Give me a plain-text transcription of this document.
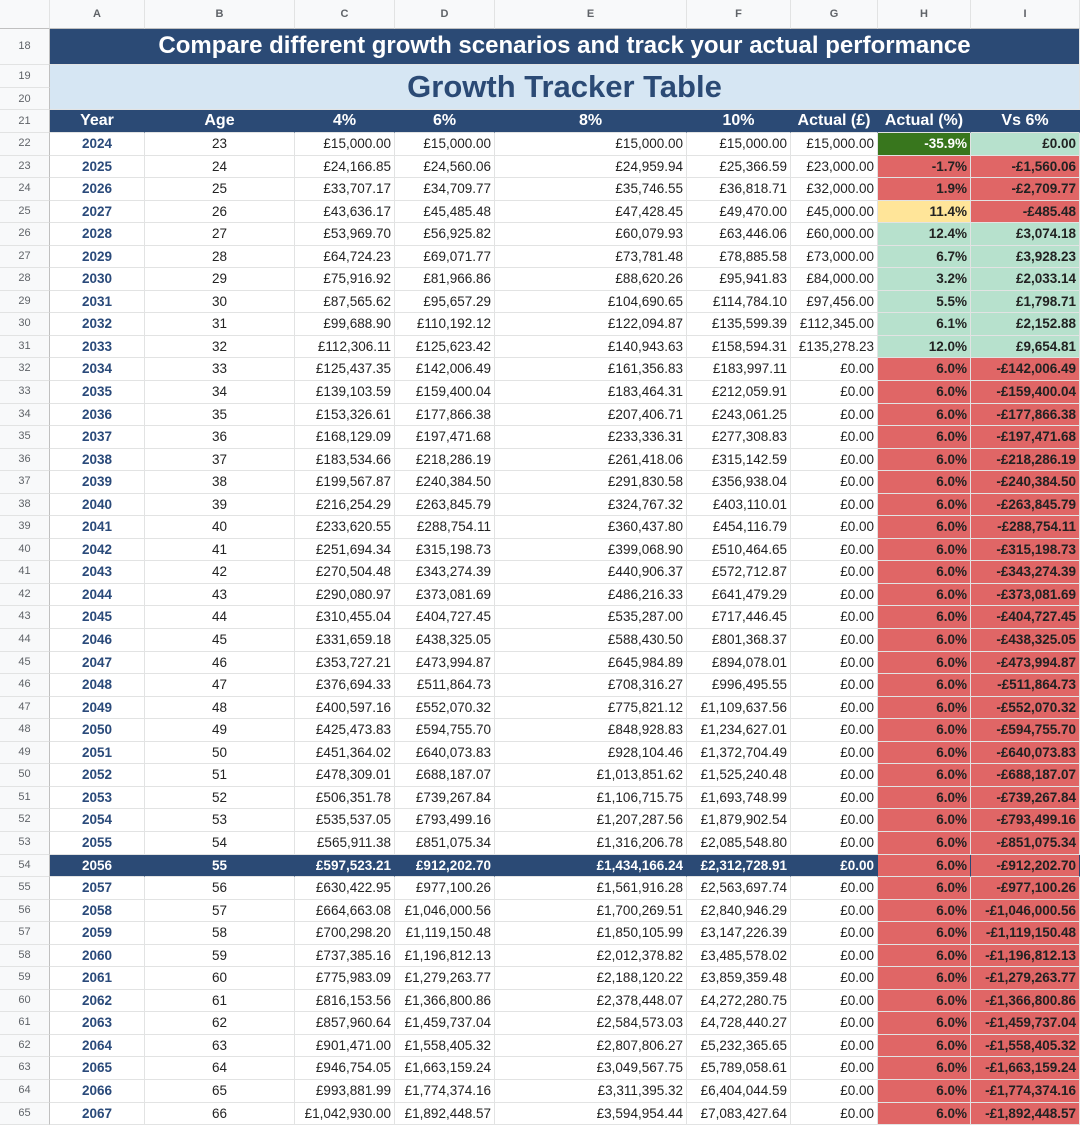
A	B	C	D	E	F	G	H	I
18	Compare different growth scenarios and track your actual performance
19
20	Growth Tracker Table
21	Year	Age	4%	6%	8%	10%	Actual (£) Actual (%)	Vs 6%
22	2024	23	£15,000.00	£15,000.00	£15,000.00	£15,000.00	£15,000.00	-35.9%	£0.00
23	2025	24	£24,166.85	£24,560.06	£24,959.94	£25,366.59	£23,000.00	-1.7%	-£1,560.06
24	2026	25	£33,707.17	£34,709.77	£35,746.55	£36,818.71	£32,000.00	1.9%	-£2,709.77
25	2027	26	£43,636.17	£45,485.48	£47,428.45	£49,470.00	£45,000.00	11.4%	-£485.48
26	2028	27	£53,969.70	£56,925.82	£60,079.93	£63,446.06	£60,000.00	12.4%	£3,074.18
27	2029	28	£64,724.23	£69,071.77	£73,781.48	£78,885.58	£73,000.00	6.7%	£3,928.23
28	2030	29	£75,916.92	£81,966.86	£88,620.26	£95,941.83	£84,000.00	3.2%	£2,033.14
29	2031	30	£87,565.62	£95,657.29	£104,690.65	£114,784.10	£97,456.00	5.5%	£1,798.71
30	2032	31	£99,688.90	£110,192.12	£122,094.87	£135,599.39 £112,345.00	6.1%	£2,152.88
31	2033	32	£112,306.11	£125,623.42	£140,943.63	£158,594.31 £135,278.23	12.0%	£9,654.81
32	2034	33	£125,437.35	£142,006.49	£161,356.83	£183,997.11	£0.00	6.0%	-£142,006.49
33	2035	34	£139,103.59	£159,400.04	£183,464.31	£212,059.91	£0.00	6.0%	-£159,400.04
34	2036	35	£153,326.61	£177,866.38	£207,406.71	£243,061.25	£0.00	6.0%	-£177,866.38
35	2037	36	£168,129.09	£197,471.68	£233,336.31	£277,308.83	£0.00	6.0%	-£197,471.68
36	2038	37	£183,534.66	£218,286.19	£261,418.06	£315,142.59	£0.00	6.0%	-£218,286.19
37	2039	38	£199,567.87	£240,384.50	£291,830.58	£356,938.04	£0.00	6.0%	-£240,384.50
38	2040	39	£216,254.29	£263,845.79	£324,767.32	£403,110.01	£0.00	6.0%	-£263,845.79
39	2041	40	£233,620.55	£288,754.11	£360,437.80	£454,116.79	£0.00	6.0%	-£288,754.11
40	2042	41	£251,694.34	£315,198.73	£399,068.90	£510,464.65	£0.00	6.0%	-£315,198.73
41	2043	42	£270,504.48	£343,274.39	£440,906.37	£572,712.87	£0.00	6.0%	-£343,274.39
42	2044	43	£290,080.97	£373,081.69	£486,216.33	£641,479.29	£0.00	6.0%	-£373,081.69
43	2045	44	£310,455.04	£404,727.45	£535,287.00	£717,446.45	£0.00	6.0%	-£404,727.45
44	2046	45	£331,659.18	£438,325.05	£588,430.50	£801,368.37	£0.00	6.0%	-£438,325.05
45	2047	46	£353,727.21	£473,994.87	£645,984.89	£894,078.01	£0.00	6.0%	-£473,994.87
46	2048	47	£376,694.33	£511,864.73	£708,316.27	£996,495.55	£0.00	6.0%	-£511,864.73
47	2049	48	£400,597.16	£552,070.32	£775,821.12	£1,109,637.56	£0.00	6.0%	-£552,070.32
48	2050	49	£425,473.83	£594,755.70	£848,928.83	£1,234,627.01	£0.00	6.0%	-£594,755.70
49	2051	50	£451,364.02	£640,073.83	£928,104.46	£1,372,704.49	£0.00	6.0%	-£640,073.83
50	2052	51	£478,309.01	£688,187.07	£1,013,851.62	£1,525,240.48	£0.00	6.0%	-£688,187.07
51	2053	52	£506,351.78	£739,267.84	£1,106,715.75	£1,693,748.99	£0.00	6.0%	-£739,267.84
52	2054	53	£535,537.05	£793,499.16	£1,207,287.56	£1,879,902.54	£0.00	6.0%	-£793,499.16
53	2055	54	£565,911.38	£851,075.34	£1,316,206.78	£2,085,548.80	£0.00	6.0%	-£851,075.34
54	2056	55	£597,523.21	£912,202.70	£1,434,166.24	£2,312,728.91	£0.00	6.0%	-£912,202.70
55	2057	56	£630,422.95	£977,100.26	£1,561,916.28	£2,563,697.74	£0.00	6.0%	-£977,100.26
56	2058	57	£664,663.08	£1,046,000.56	£1,700,269.51	£2,840,946.29	£0.00	6.0%	-£1,046,000.56
57	2059	58	£700,298.20	£1,119,150.48	£1,850,105.99	£3,147,226.39	£0.00	6.0%	-£1,119,150.48
58	2060	59	£737,385.16	£1,196,812.13	£2,012,378.82	£3,485,578.02	£0.00	6.0%	-£1,196,812.13
59	2061	60	£775,983.09	£1,279,263.77	£2,188,120.22	£3,859,359.48	£0.00	6.0%	-£1,279,263.77
60	2062	61	£816,153.56	£1,366,800.86	£2,378,448.07	£4,272,280.75	£0.00	6.0%	-£1,366,800.86
61	2063	62	£857,960.64	£1,459,737.04	£2,584,573.03	£4,728,440.27	£0.00	6.0%	-£1,459,737.04
62	2064	63	£901,471.00	£1,558,405.32	£2,807,806.27	£5,232,365.65	£0.00	6.0%	-£1,558,405.32
63	2065	64	£946,754.05	£1,663,159.24	£3,049,567.75	£5,789,058.61	£0.00	6.0%	-£1,663,159.24
64	2066	65	£993,881.99	£1,774,374.16	£3,311,395.32	£6,404,044.59	£0.00	6.0%	-£1,774,374.16
65	2067	66	£1,042,930.00	£1,892,448.57	£3,594,954.44	£7,083,427.64	£0.00	6.0%	-£1,892,448.57
